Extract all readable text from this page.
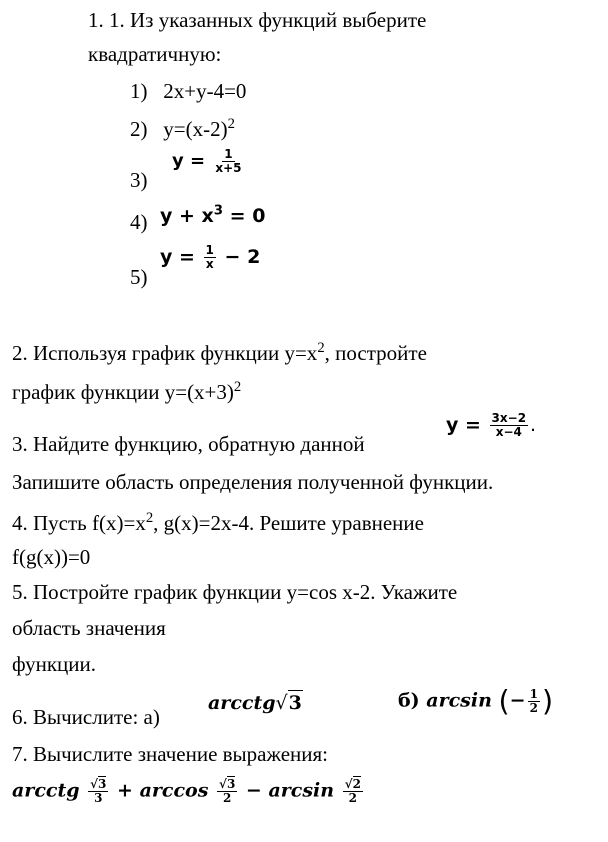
1. 1. Из указанных функций выберите
квадратичную:
1) 2x+y-4=0
2) $y=(x-2)^2$
3)
$y = \frac{1}{x+5}$
4) $y + x^3 = 0$
5)
$y = \frac{1}{x} - 2$
2. Используя график функции $y=x^2$, постройте
график функции $y=(x+3)^2$
3. Найдите функцию, обратную данной
$y = \frac{3x-2}{x-4}$ .
Запишите область определения полученной функции.
4. Пусть $f(x)=x^2$, g(x)=2x-4. Решите уравнение
f(g(x))=0
5. Постройте график функции y=cos x-2. Укажите
область значения
функции.
6. Вычислите: а)
arcctg√3	б) arcsin (− $\frac{1}{2}$ )
7. Вычислите значение выражения:
arcctg $\frac{√3}{3} + \arccos \frac{√3}{2} - \arcsin \frac{√2}{2}$
